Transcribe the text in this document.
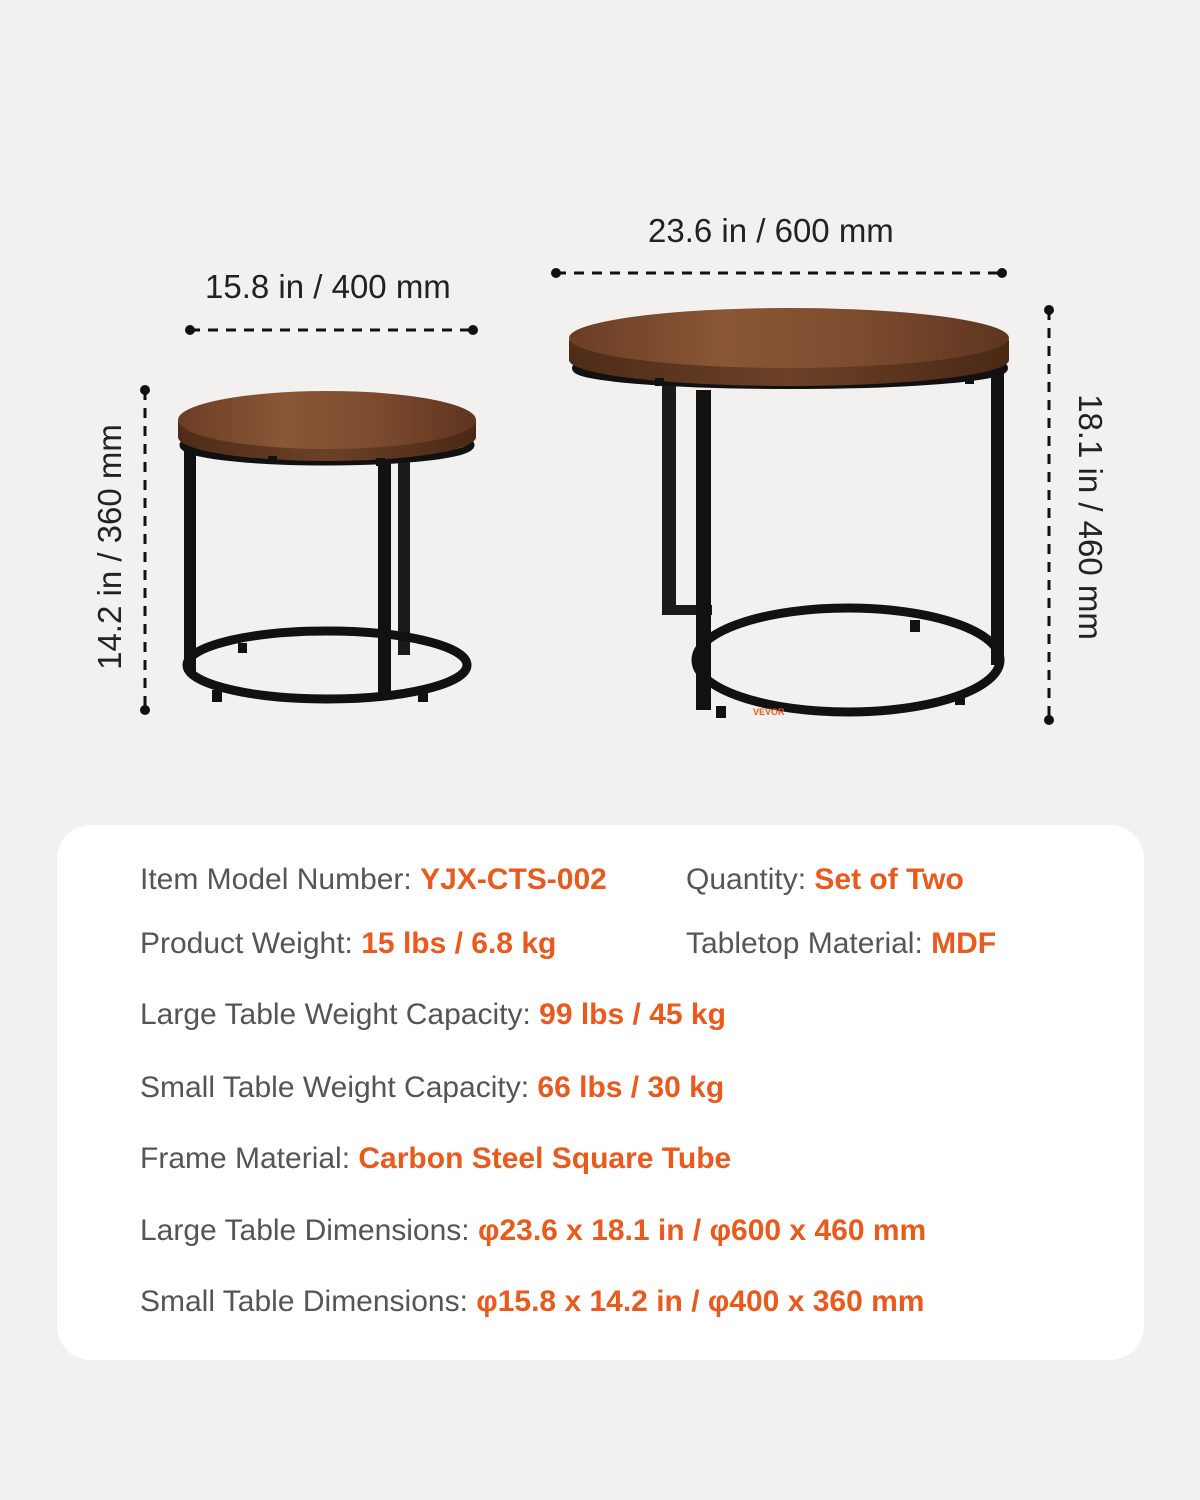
VEVOR
23.6 in / 600 mm
15.8 in / 400 mm
14.2 in / 360 mm	18.1 in / 460 mm
Item Model Number: YJX-CTS-002	Quantity: Set of Two
Product Weight: 15 lbs / 6.8 kg	Tabletop Material: MDF
Large Table Weight Capacity: 99 lbs / 45 kg
Small Table Weight Capacity: 66 lbs / 30 kg
Frame Material: Carbon Steel Square Tube
Large Table Dimensions: φ23.6 x 18.1 in / φ600 x 460 mm
Small Table Dimensions: φ15.8 x 14.2 in / φ400 x 360 mm
